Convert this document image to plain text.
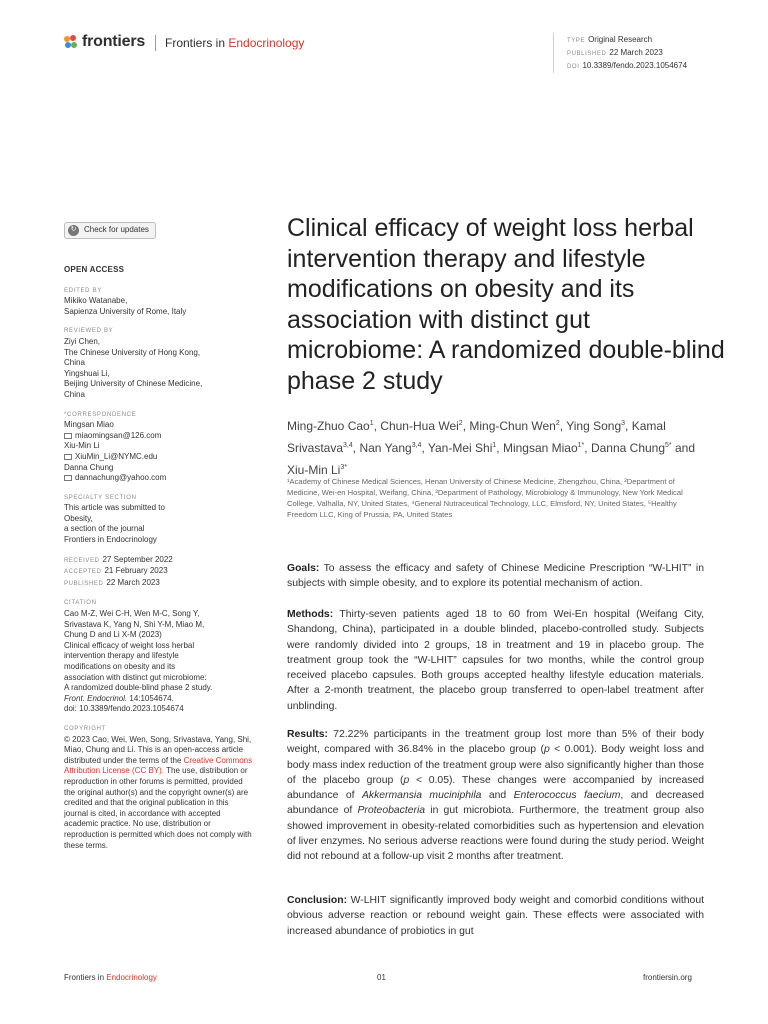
frontiers Frontiers in Endocrinology	TYPE Original Research
PUBLISHED 22 March 2023
DOI 10.3389/fendo.2023.1054674
↻ Check for updates
OPEN ACCESS
EDITED BY

Mikiko Watanabe,

Sapienza University of Rome, Italy

REVIEWED BY

Ziyi Chen,

The Chinese University of Hong Kong,

China

Yingshuai Li,

Beijing University of Chinese Medicine,

China

*CORRESPONDENCE

Mingsan Miao

miaomingsan@126.com

Xiu-Min Li

XiuMin_Li@NYMC.edu

Danna Chung

dannachung@yahoo.com

SPECIALTY SECTION

This article was submitted to

Obesity,

a section of the journal

Frontiers in Endocrinology

RECEIVED 27 September 2022

ACCEPTED 21 February 2023

PUBLISHED 22 March 2023

CITATION

Cao M-Z, Wei C-H, Wen M-C, Song Y,

Srivastava K, Yang N, Shi Y-M, Miao M,

Chung D and Li X-M (2023)

Clinical efficacy of weight loss herbal

intervention therapy and lifestyle

modifications on obesity and its

association with distinct gut microbiome:

A randomized double-blind phase 2 study.

Front. Endocrinol. 14:1054674.

doi: 10.3389/fendo.2023.1054674

COPYRIGHT

© 2023 Cao, Wei, Wen, Song, Srivastava, Yang, Shi, Miao, Chung and Li. This is an open-access article distributed under the terms of the Creative Commons Attribution License (CC BY). The use, distribution or reproduction in other forums is permitted, provided the original author(s) and the copyright owner(s) are credited and that the original publication in this journal is cited, in accordance with accepted academic practice. No use, distribution or reproduction is permitted which does not comply with these terms.

Clinical efficacy of weight loss herbal intervention therapy and lifestyle modifications on obesity and its association with distinct gut microbiome: A randomized double-blind phase 2 study
Ming-Zhuo Cao$^1$, Chun-Hua Wei$^2$, Ming-Chun Wen$^2$, Ying Song$^3$, Kamal Srivastava$^{3,4}$, Nan Yang$^{3,4}$, Yan-Mei Shi$^1$, Mingsan Miao$^{1*}$, Danna Chung$^{5*}$ and Xiu-Min $Li^{3*}$
¹Academy of Chinese Medical Sciences, Henan University of Chinese Medicine, Zhengzhou, China, ²Department of Medicine, Wei-en Hospital, Weifang, China, ³Department of Pathology, Microbiology & Immunology, New York Medical College, Valhalla, NY, United States, ⁴General Nutraceutical Technology, LLC, Elmsford, NY, United States, ⁵Healthy Freedom LLC, King of Prussia, PA, United States
Goals: To assess the efficacy and safety of Chinese Medicine Prescription “W-LHIT” in subjects with simple obesity, and to explore its potential mechanism of action.
Methods: Thirty-seven patients aged 18 to 60 from Wei-En hospital (Weifang City, Shandong, China), participated in a double blinded, placebo-controlled study. Subjects were randomly divided into 2 groups, 18 in treatment and 19 in placebo group. The treatment group took the “W-LHIT” capsules for two months, while the control group received placebo capsules. Both groups accepted healthy lifestyle education materials. After a 2-month treatment, the placebo group transferred to open-label treatment after unblinding.
Results: 72.22% participants in the treatment group lost more than 5% of their body weight, compared with 36.84% in the placebo group (p < 0.001). Body weight loss and body mass index reduction of the treatment group were also significantly higher than those of the placebo group (p < 0.05). These changes were accompanied by increased abundance of Akkermansia muciniphila and Enterococcus faecium, and decreased abundance of Proteobacteria in gut microbiota. Furthermore, the treatment group also showed improvement in obesity-related comorbidities such as hypertension and elevation of liver enzymes. No serious adverse reactions were found during the study period. Weight did not rebound at a follow-up visit 2 months after treatment.
Conclusion: W-LHIT significantly improved body weight and comorbid conditions without obvious adverse reaction or rebound weight gain. These effects were associated with increased abundance of probiotics in gut
Frontiers in Endocrinology	01	frontiersin.org
